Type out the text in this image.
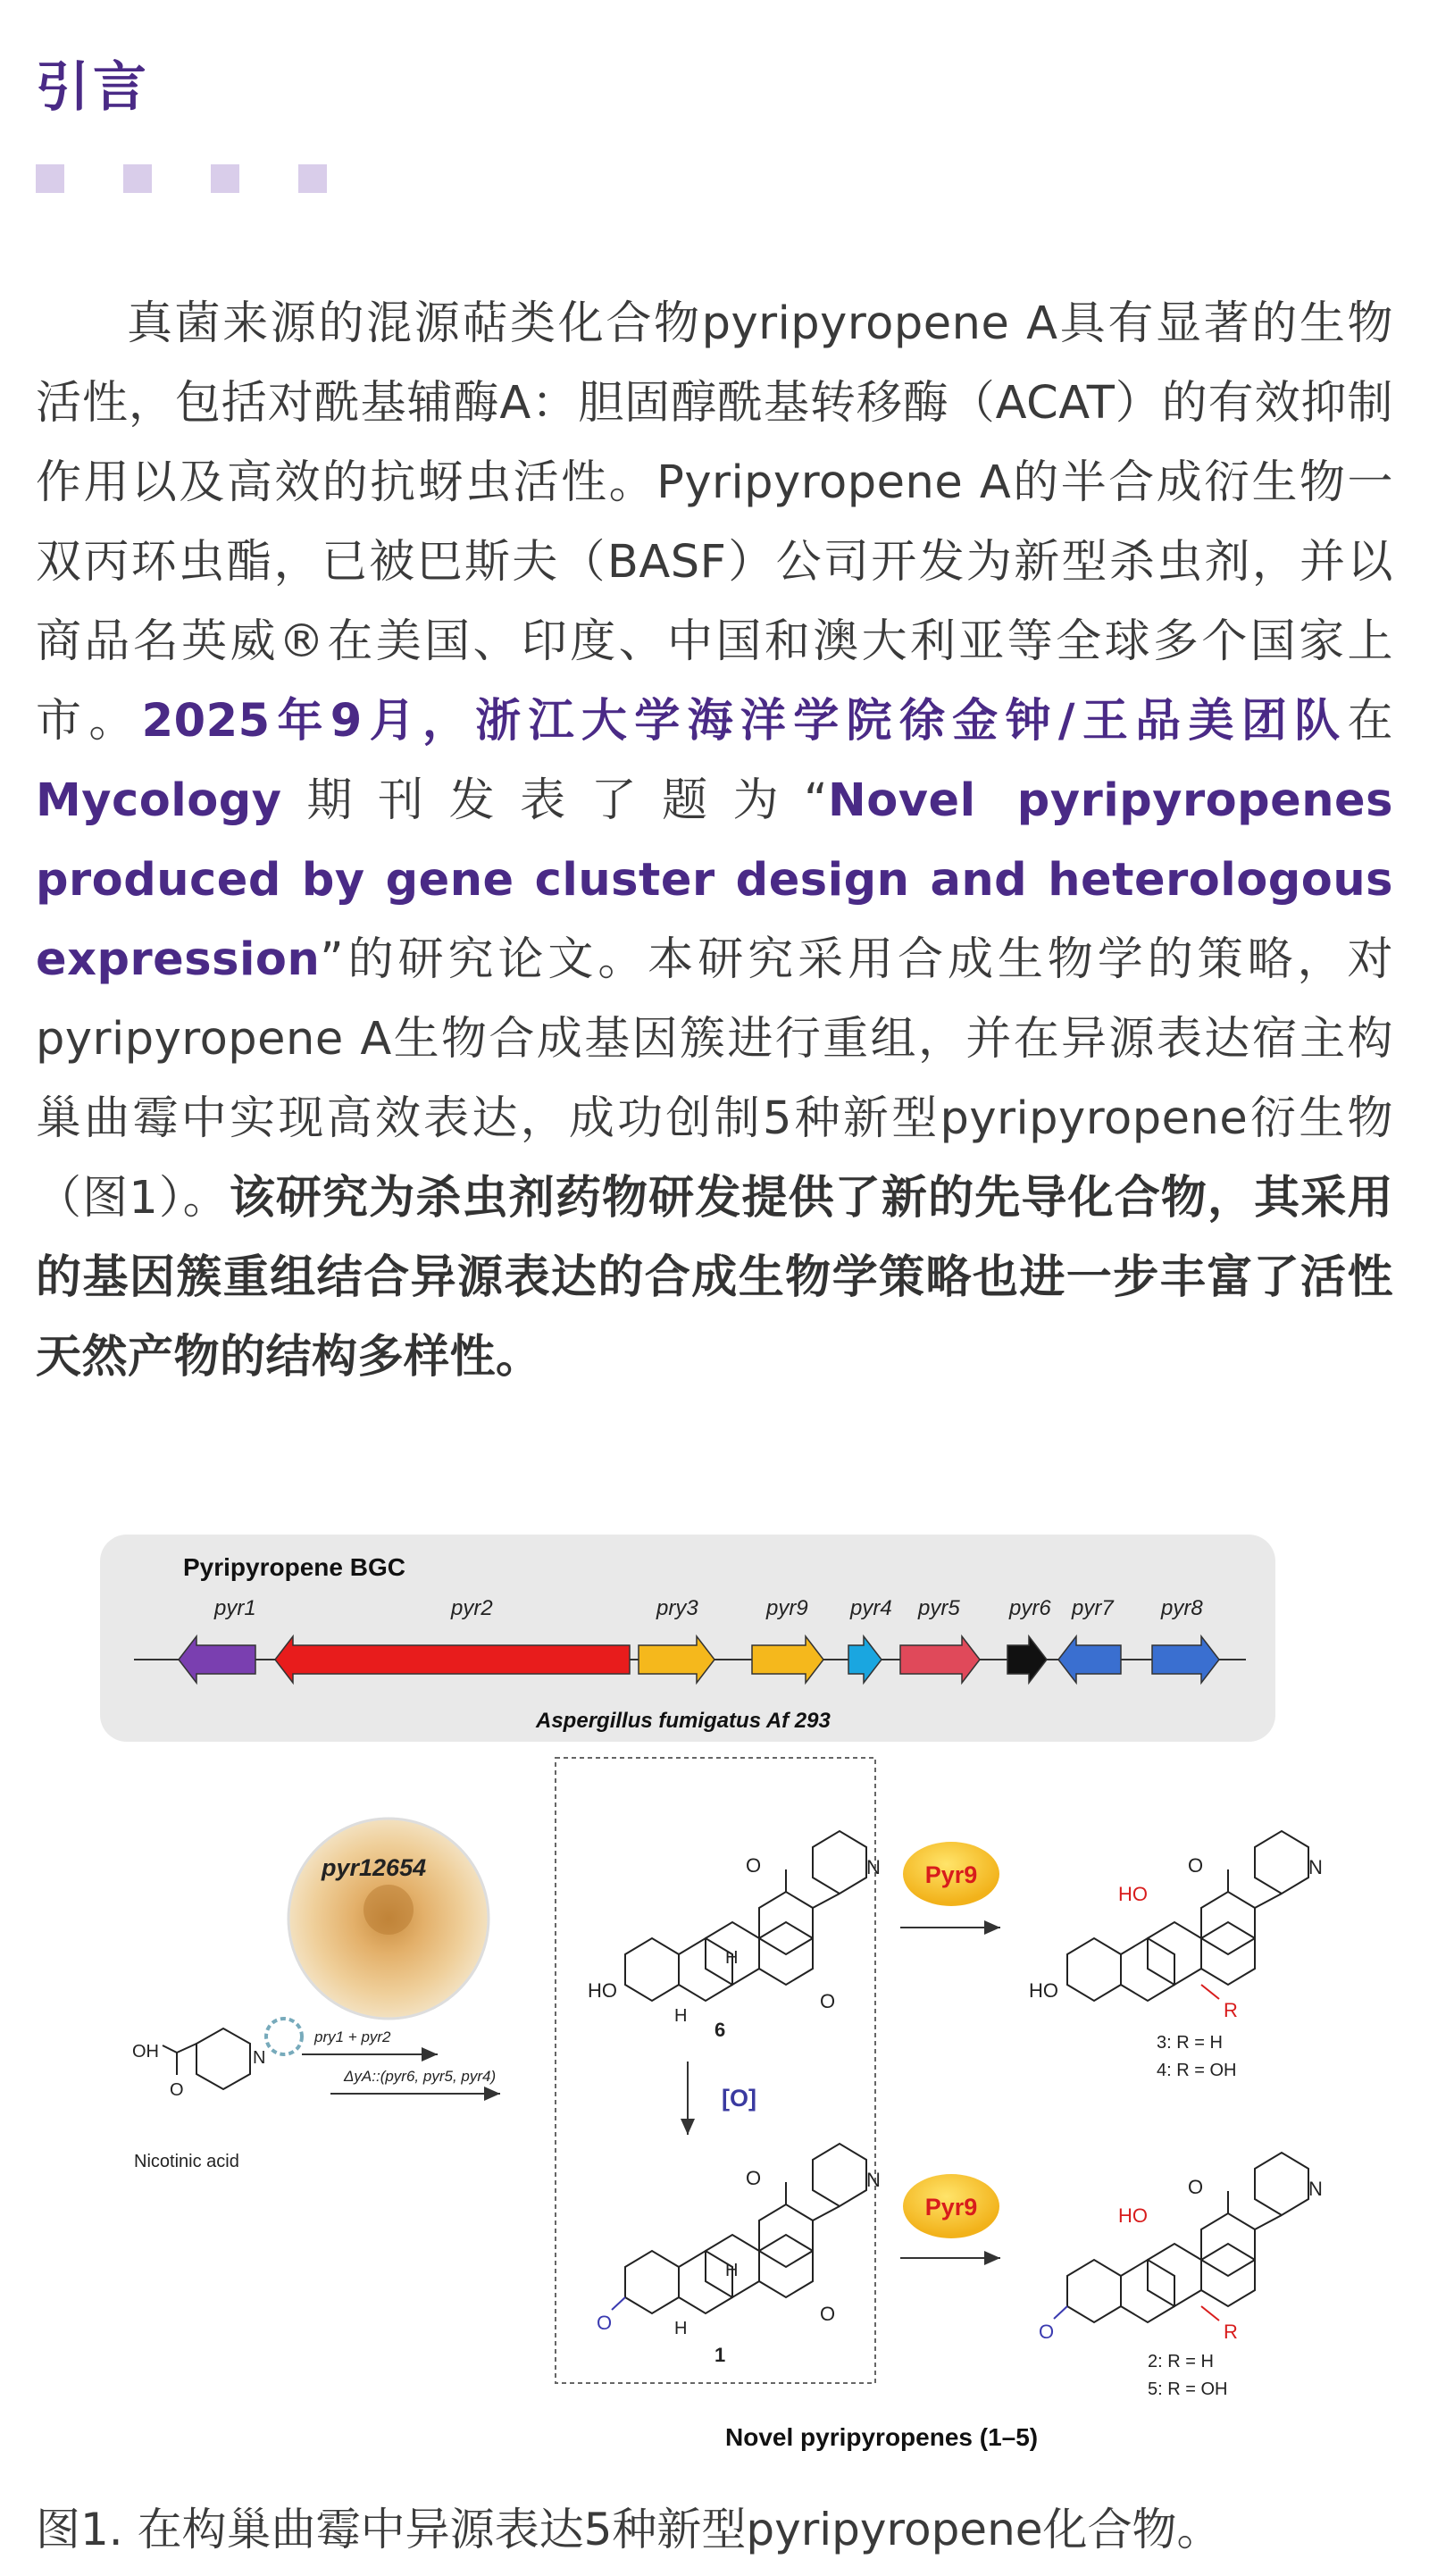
引言

真菌来源的混源萜类化合物pyripyropene A具有显著的生物活性，包括对酰基辅酶A：胆固醇酰基转移酶（ACAT）的有效抑制作用以及高效的抗蚜虫活性。Pyripyropene A的半合成衍生物一双丙环虫酯，已被巴斯夫（BASF）公司开发为新型杀虫剂，并以商品名英威®在美国、印度、中国和澳大利亚等全球多个国家上市。2025年9月，浙江大学海洋学院徐金钟/王品美团队在Mycology期刊发表了题为“Novel pyripyropenes produced by gene cluster design and heterologous expression”的研究论文。本研究采用合成生物学的策略，对pyripyropene A生物合成基因簇进行重组，并在异源表达宿主构巢曲霉中实现高效表达，成功创制5种新型pyripyropene衍生物（图1）。该研究为杀虫剂药物研发提供了新的先导化合物，其采用的基因簇重组结合异源表达的合成生物学策略也进一步丰富了活性天然产物的结构多样性。

Pyripyropene BGC
pyr1	pyr2	pry3	pyr9 pyr4 pyr5 pyr6 pyr7 pyr8
Aspergillus fumigatus Af 293
pyr12654
pry1 + pyr2
ΔyA::(pyr6, pyr5, pyr4)
OH
O
N
Nicotinic acid
HO
O
O
N
H
H
6
[O]
O
O
O
N
H
H
1
Pyr9
HO
HO
O	N
R
3: R = H
4: R = OH
Pyr9
O
HO
O	N
R
2: R = H
5: R = OH
Novel pyripyropenes (1–5)
图1. 在构巢曲霉中异源表达5种新型pyripyropene化合物。
